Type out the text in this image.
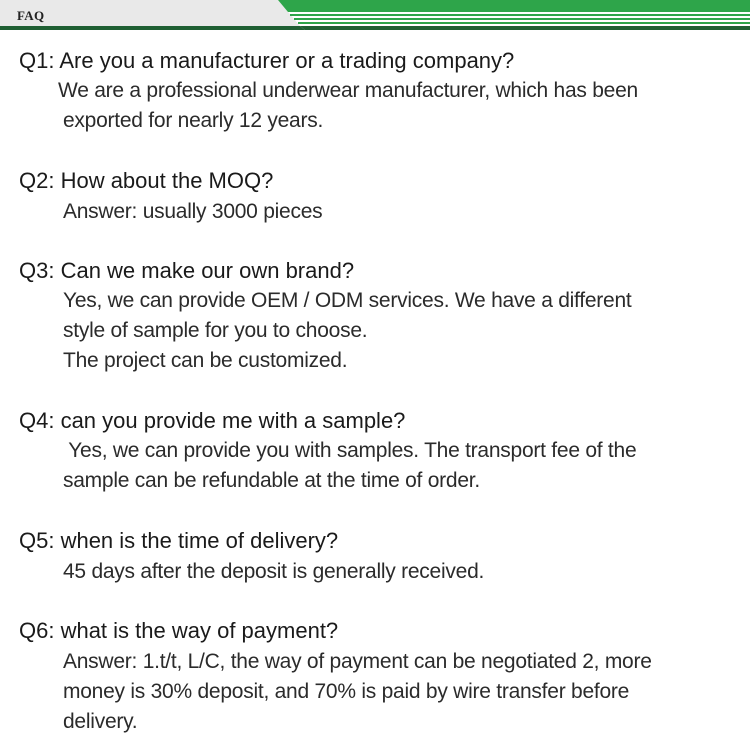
FAQ
Q1: Are you a manufacturer or a trading company?
We are a professional underwear manufacturer, which has been
exported for nearly 12 years.
Q2: How about the MOQ?
Answer: usually 3000 pieces
Q3: Can we make our own brand?
Yes, we can provide OEM / ODM services. We have a different
style of sample for you to choose.
The project can be customized.
Q4: can you provide me with a sample?
Yes, we can provide you with samples. The transport fee of the
sample can be refundable at the time of order.
Q5: when is the time of delivery?
45 days after the deposit is generally received.
Q6: what is the way of payment?
Answer: 1.t/t, L/C, the way of payment can be negotiated 2, more
money is 30% deposit, and 70% is paid by wire transfer before
delivery.
